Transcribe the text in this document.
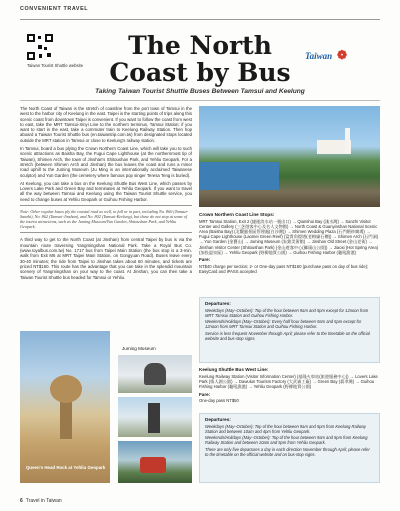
CONVENIENT TRAVEL
Taiwan Tourist Shuttle website
The North
Coast by Bus
Taiwan ❁
Taking Taiwan Tourist Shuttle Buses Between Tamsui and Keelung

The North Coast of Taiwan is the stretch of coastline from the port town of Tamsui in the west to the harbor city of Keelung in the east. Taipei is the starting points of trips along this scenic coast from downtown Taipei is convenient. If you want to follow the coast from west to east, take the MRT Tamsui-Xinyi Line to the northern terminus, Tamsui Station; if you want to start in the east, take a commuter train to Keelung Railway Station. Then hop aboard a Taiwan Tourist Shuttle bus (en.taiwantrip.com.tw) from designated stops located outside the MRT station in Tamsui or close to Keelung's railway station.

In Tamsui, board a bus plying the Crown Northern Coast Line, which will take you to such scenic attractions as Baisha Bay, the Fugui Cape Lighthouse (at the northernmost tip of Taiwan), Shimen Arch, the town of Jinshan's Shitoushan Park, and Yehliu Geopark. For a stretch (between Shimen Arch and Jinshan) the bus leaves the coast and runs a minor road uphill to the Juming Museum (Ju Ming is an internationally acclaimed Taiwanese sculptor) and Yun Garden (the cemetery where famous pop singer Teresa Teng is buried).

At Keelung, you can take a bus on the Keelung Shuttle Bus West Line, which passes by Lovers Lake Park and Green Bay and terminates at Yehliu Geopark. If you want to travel all the way between Tamsui and Keelung using the Taiwan Tourist Shuttle service, you need to change buses at Yehliu Geopark or Guihou Fishing Harbor.

Note: Other regular buses ply the coastal road as well, in full or in part, including No. 860 (Tamsui-Sanzhi), No. 862 (Tamsui-Jinshan), and No. 802 (Tamsui-Keelung), but these do not stop at some of the tourist attractions, such as the Juming Museum/Yun Garden, Shitoushan Park, and Yehliu Geopark.

A third way to get to the North Coast (at Jinshan) from central Taipei by bus is via the mountain route traversing Yangmingshan National Park. Take a Royal Bus Co. (www.royalbus.com.tw) No. 1717 bus from Taipei Main Station (the bus stop is a 3-min. walk from Exit M6 at MRT Taipei Main Station, on Gongyuan Road). Buses leave every 30-40 minutes; the ride from Taipei to Jinshan takes about 60 minutes, and tickets are priced NT$150. This route has the advantage that you can take in the splendid mountain scenery of Yangmingshan on your way to the coast. At Jinshan, you can then take a Taiwan Tourist Shuttle bus headed for Tamsui or Yehliu.

Crown Northern Coast Line Stops:
MRT Tamsui Station, Exit 2 (捷運淡水站一號出口) → Qianshui Bay (淺水灣) → Sanzhi Visitor Center and Gallery (三芝遊客中心及名人文物館) → North Coast & Guanyinshan National Scenic Area (Baisha Bay) (北觀風景區管理處(白沙灣)) → Shimen Wedding Plaza (石門婚紗廣場) → Fugui Cape Lighthouse (Laomei Green Reef) (富貴角燈塔(老梅綠石槽)) → Shimen Arch (石門洞) → Yun Garden (金寶山) → Juming Museum (朱銘美術館) → Jinshan Old Street (金山老街) → Jinshan Visitor Center (Shitoushan Park) (金山遊客中心(獅頭山公園)) → Jiaoxi (Hot Spring Area) (加投溫泉區) → Yehliu Geopark (野柳地質公園) → Guihou Fishing Harbor (龜吼漁港)
Fare:
NT$40 charge per section; 2- or One-day pass NT$160 (purchase pass on day of bus ride); EasyCard and iPASS accepted
Departures:
Weekdays (May–October): Top of the hour between 9am and 5pm except for 12noon from MRT Tamsui Station and Guihou Fishing Harbor.
Weekends/Holidays (May–October): Every half hour between 9am and 5pm except for 12noon from MRT Tamsui Station and Guihou Fishing Harbor.
Service is less frequent November through April; please refer to the timetable on the official website and bus-stop signs.
Keelung Shuttle Bus West Line:
Keelung Railway Station (Visitor Information Center) (基隆火車站(旅遊服務中心)) → Lovers Lake Park (情人湖公園) → Dawulun Tourism Factory (大武崙工廠) → Green Bay (翡翠灣) → Guihou Fishing Harbor (龜吼漁港) → Yehliu Geopark (野柳地質公園)
Fare:
One-day pass NT$50
Departures:
Weekdays (May–October): Top of the hour between 9am and 5pm from Keelung Railway Station and between 10am and 4pm from Yehliu Geopark.
Weekends/Holidays (May–October): Top of the hour between 9am and 5pm from Keelung Railway Station and between 10am and 5pm from Yehliu Geopark.
There are only five departures a day in each direction November through April; please refer to the timetable on the official website and on bus-stop signs.
Queen's Head Rock at Yehliu Geopark
Juming Museum
6 Travel in Taiwan
